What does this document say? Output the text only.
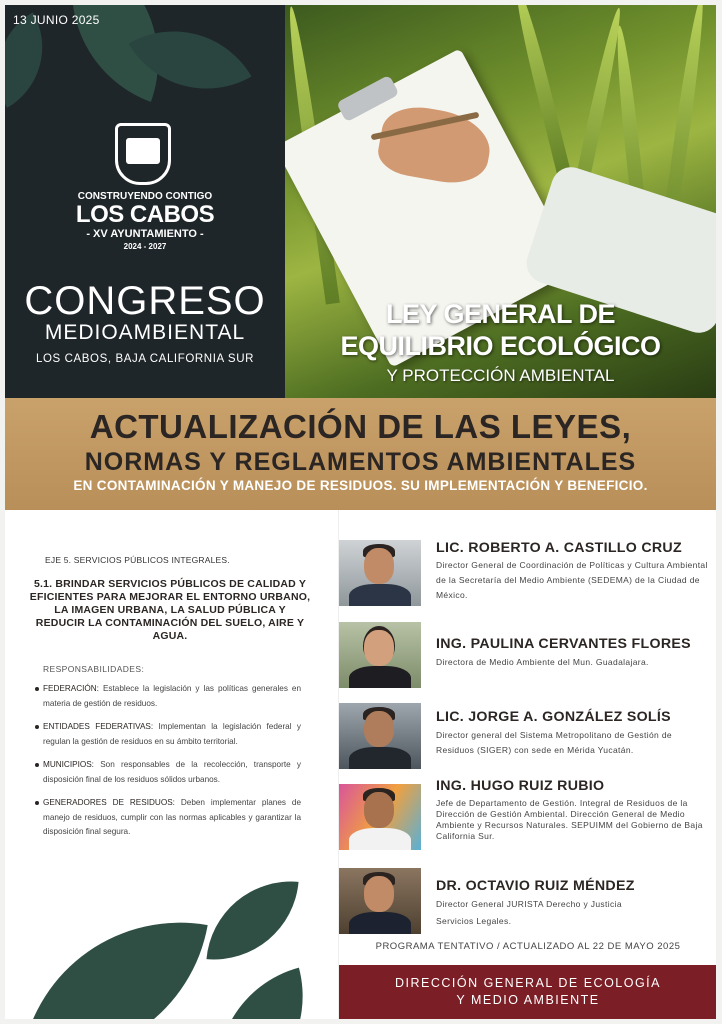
13 JUNIO 2025
CONSTRUYENDO CONTIGO
LOS CABOS
- XV AYUNTAMIENTO -
2024 - 2027
CONGRESO
MEDIOAMBIENTAL
LOS CABOS, BAJA CALIFORNIA SUR
LEY GENERAL DE
EQUILIBRIO ECOLÓGICO
Y PROTECCIÓN AMBIENTAL
ACTUALIZACIÓN DE LAS LEYES,
NORMAS Y REGLAMENTOS AMBIENTALES
EN CONTAMINACIÓN Y MANEJO DE RESIDUOS. SU IMPLEMENTACIÓN Y BENEFICIO.
EJE 5. SERVICIOS PÚBLICOS INTEGRALES.
5.1. BRINDAR SERVICIOS PÚBLICOS DE CALIDAD Y EFICIENTES PARA MEJORAR EL ENTORNO URBANO, LA IMAGEN URBANA, LA SALUD PÚBLICA Y REDUCIR LA CONTAMINACIÓN DEL SUELO, AIRE Y AGUA.
RESPONSABILIDADES:
FEDERACIÓN: Establece la legislación y las políticas generales en materia de gestión de residuos.
ENTIDADES FEDERATIVAS: Implementan la legislación federal y regulan la gestión de residuos en su ámbito territorial.
MUNICIPIOS: Son responsables de la recolección, transporte y disposición final de los residuos sólidos urbanos.
GENERADORES DE RESIDUOS: Deben implementar planes de manejo de residuos, cumplir con las normas aplicables y garantizar la disposición final segura.
LIC. ROBERTO A. CASTILLO CRUZ
Director General de Coordinación de Políticas y Cultura Ambiental de la Secretaría del Medio Ambiente (SEDEMA) de la Ciudad de México.
ING. PAULINA CERVANTES FLORES
Directora de Medio Ambiente del Mun. Guadalajara.
LIC. JORGE A. GONZÁLEZ SOLÍS
Director general del Sistema Metropolitano de Gestión de Residuos (SIGER) con sede en Mérida Yucatán.
ING. HUGO RUIZ RUBIO
Jefe de Departamento de Gestión. Integral de Residuos de la Dirección de Gestión Ambiental. Dirección General de Medio Ambiente y Recursos Naturales. SEPUIMM del Gobierno de Baja California Sur.
DR. OCTAVIO RUIZ MÉNDEZ
Director General JURISTA Derecho y Justicia Servicios Legales.
PROGRAMA TENTATIVO / ACTUALIZADO AL 22 DE MAYO 2025
DIRECCIÓN GENERAL DE ECOLOGÍA
Y MEDIO AMBIENTE
